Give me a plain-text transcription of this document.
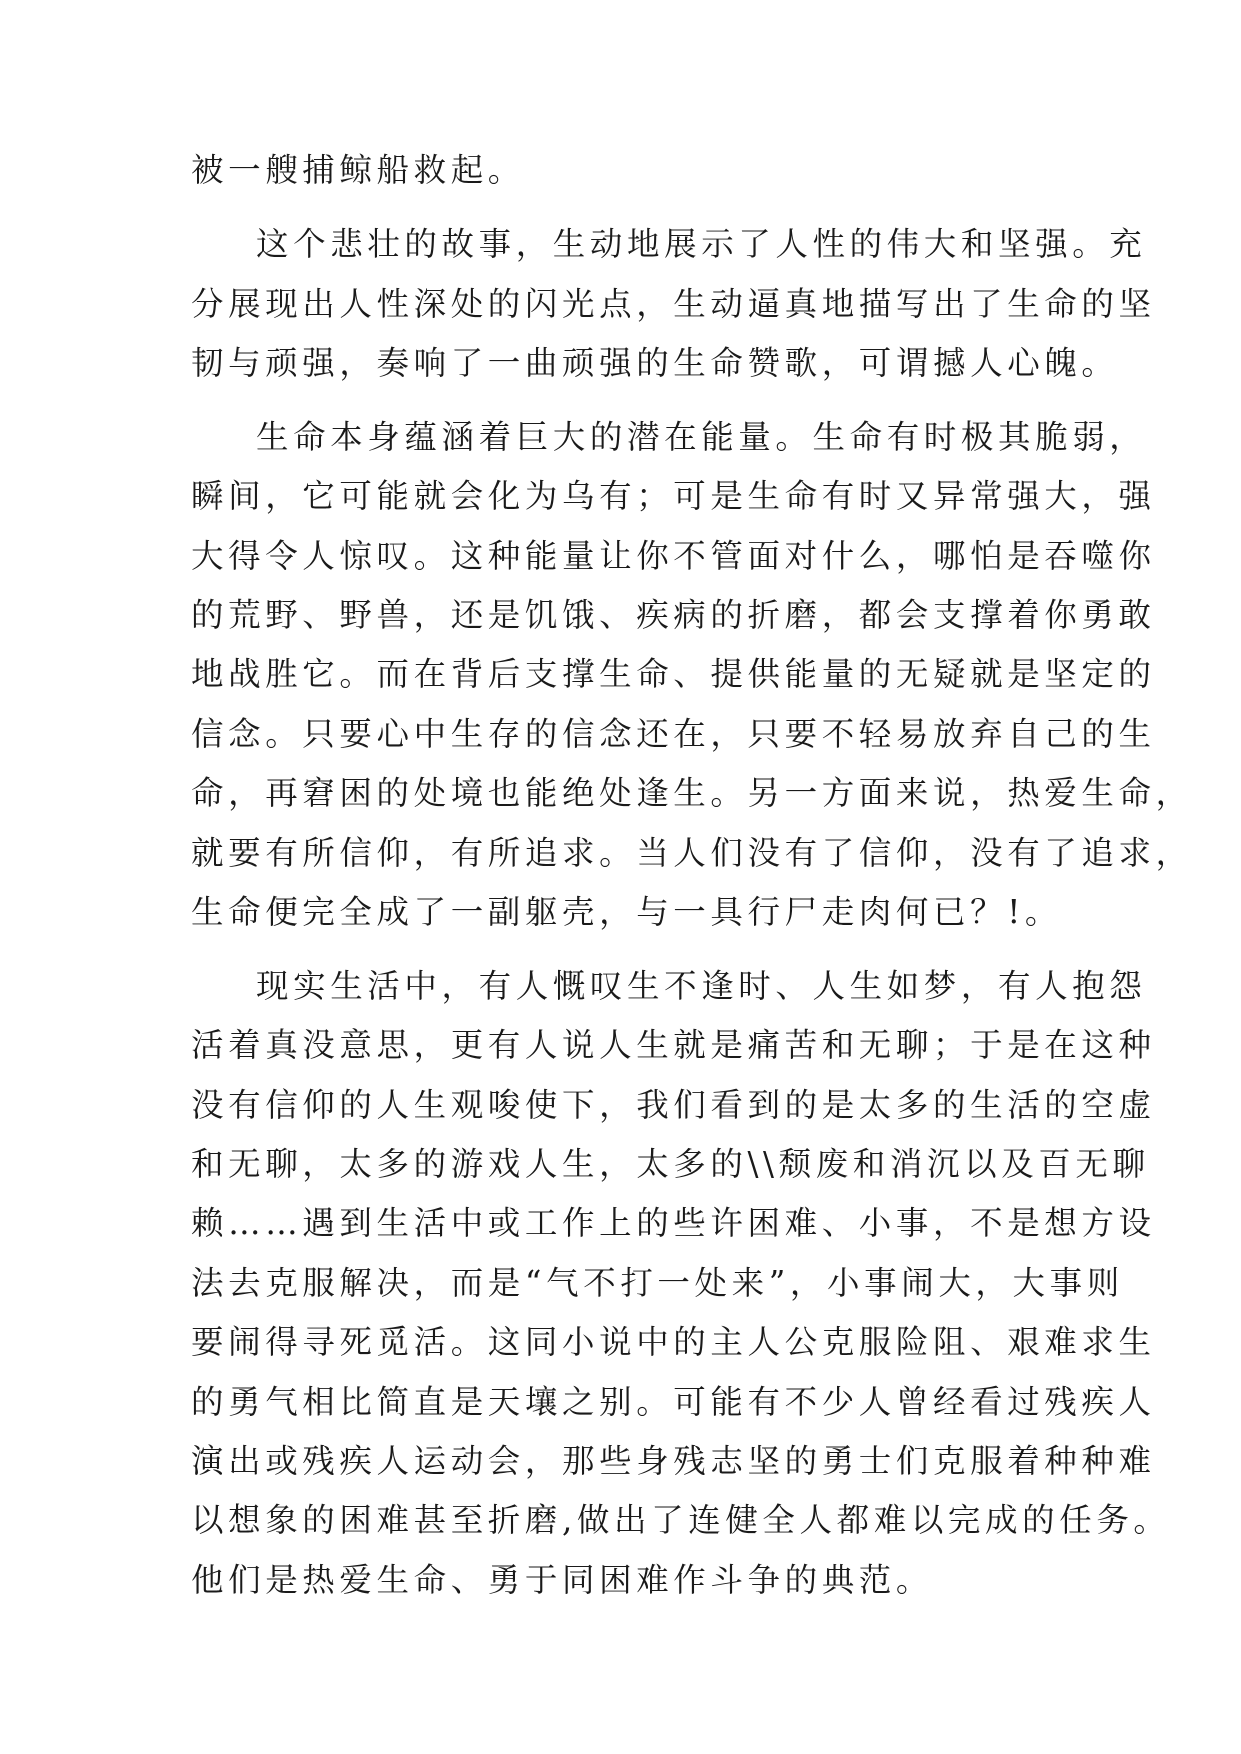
被一艘捕鲸船救起。
这个悲壮的故事，生动地展示了人性的伟大和坚强。充
分展现出人性深处的闪光点，生动逼真地描写出了生命的坚
韧与顽强，奏响了一曲顽强的生命赞歌，可谓撼人心魄。
生命本身蕴涵着巨大的潜在能量。生命有时极其脆弱，
瞬间，它可能就会化为乌有；可是生命有时又异常强大，强
大得令人惊叹。这种能量让你不管面对什么，哪怕是吞噬你
的荒野、野兽，还是饥饿、疾病的折磨，都会支撑着你勇敢
地战胜它。而在背后支撑生命、提供能量的无疑就是坚定的
信念。只要心中生存的信念还在，只要不轻易放弃自己的生
命，再窘困的处境也能绝处逢生。另一方面来说，热爱生命，
就要有所信仰，有所追求。当人们没有了信仰，没有了追求，
生命便完全成了一副躯壳，与一具行尸走肉何已？!。
现实生活中，有人慨叹生不逢时、人生如梦，有人抱怨
活着真没意思，更有人说人生就是痛苦和无聊；于是在这种
没有信仰的人生观唆使下，我们看到的是太多的生活的空虚
和无聊，太多的游戏人生，太多的\\颓废和消沉以及百无聊
赖……遇到生活中或工作上的些许困难、小事，不是想方设
法去克服解决，而是“气不打一处来”，小事闹大，大事则
要闹得寻死觅活。这同小说中的主人公克服险阻、艰难求生
的勇气相比简直是天壤之别。可能有不少人曾经看过残疾人
演出或残疾人运动会，那些身残志坚的勇士们克服着种种难
以想象的困难甚至折磨,做出了连健全人都难以完成的任务。
他们是热爱生命、勇于同困难作斗争的典范。
